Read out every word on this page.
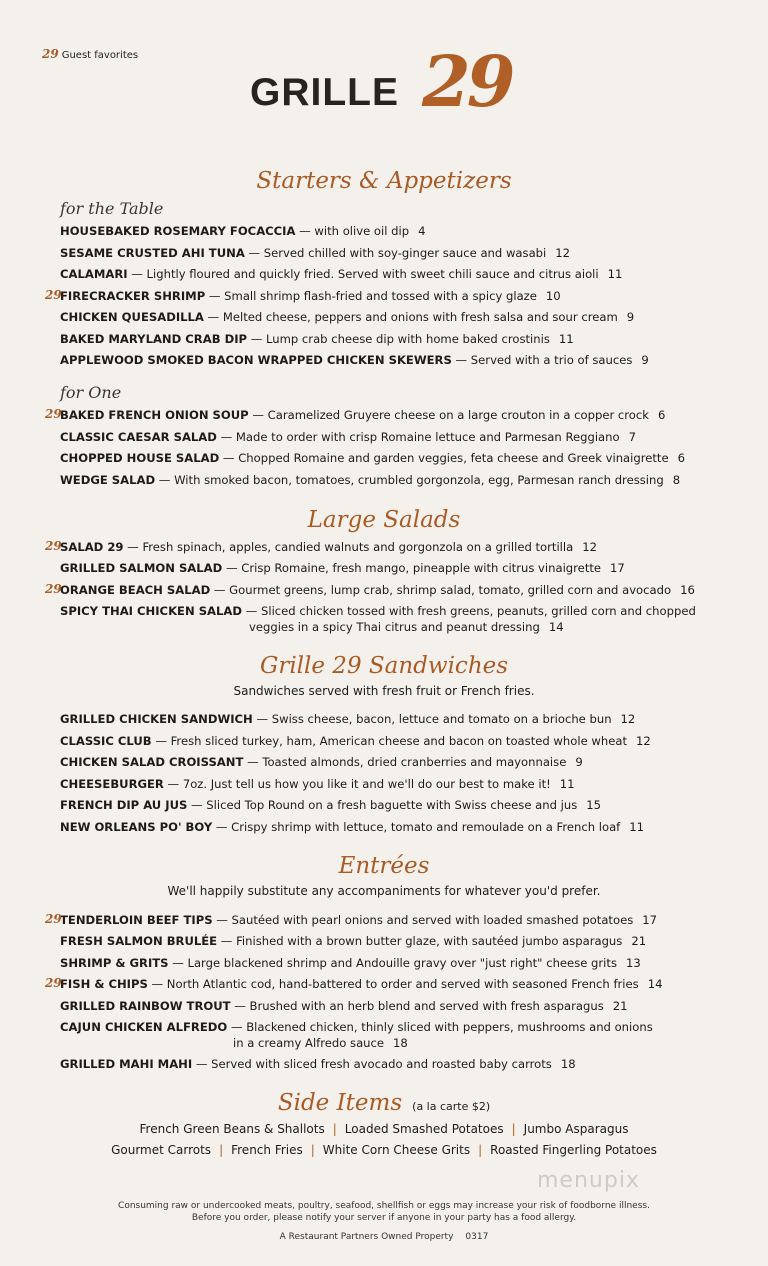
29 Guest favorites
GRILLE 29
Starters & Appetizers
for the Table
HOUSEBAKED ROSEMARY FOCACCIA — with olive oil dip 4
SESAME CRUSTED AHI TUNA — Served chilled with soy-ginger sauce and wasabi 12
CALAMARI — Lightly floured and quickly fried. Served with sweet chili sauce and citrus aioli 11
29
FIRECRACKER SHRIMP — Small shrimp flash-fried and tossed with a spicy glaze 10
CHICKEN QUESADILLA — Melted cheese, peppers and onions with fresh salsa and sour cream 9
BAKED MARYLAND CRAB DIP — Lump crab cheese dip with home baked crostinis 11
APPLEWOOD SMOKED BACON WRAPPED CHICKEN SKEWERS — Served with a trio of sauces 9
for One
29
BAKED FRENCH ONION SOUP — Caramelized Gruyere cheese on a large crouton in a copper crock 6
CLASSIC CAESAR SALAD — Made to order with crisp Romaine lettuce and Parmesan Reggiano 7
CHOPPED HOUSE SALAD — Chopped Romaine and garden veggies, feta cheese and Greek vinaigrette 6
WEDGE SALAD — With smoked bacon, tomatoes, crumbled gorgonzola, egg, Parmesan ranch dressing 8
Large Salads
29
SALAD 29 — Fresh spinach, apples, candied walnuts and gorgonzola on a grilled tortilla 12
GRILLED SALMON SALAD — Crisp Romaine, fresh mango, pineapple with citrus vinaigrette 17
29
ORANGE BEACH SALAD — Gourmet greens, lump crab, shrimp salad, tomato, grilled corn and avocado 16
SPICY THAI CHICKEN SALAD — Sliced chicken tossed with fresh greens, peanuts, grilled corn and chopped
veggies in a spicy Thai citrus and peanut dressing 14
Grille 29 Sandwiches
Sandwiches served with fresh fruit or French fries.
GRILLED CHICKEN SANDWICH — Swiss cheese, bacon, lettuce and tomato on a brioche bun 12
CLASSIC CLUB — Fresh sliced turkey, ham, American cheese and bacon on toasted whole wheat 12
CHICKEN SALAD CROISSANT — Toasted almonds, dried cranberries and mayonnaise 9
CHEESEBURGER — 7oz. Just tell us how you like it and we'll do our best to make it! 11
FRENCH DIP AU JUS — Sliced Top Round on a fresh baguette with Swiss cheese and jus 15
NEW ORLEANS PO' BOY — Crispy shrimp with lettuce, tomato and remoulade on a French loaf 11
Entrées
We'll happily substitute any accompaniments for whatever you'd prefer.
29
TENDERLOIN BEEF TIPS — Sautéed with pearl onions and served with loaded smashed potatoes 17
FRESH SALMON BRULÉE — Finished with a brown butter glaze, with sautéed jumbo asparagus 21
SHRIMP & GRITS — Large blackened shrimp and Andouille gravy over "just right" cheese grits 13
29
FISH & CHIPS — North Atlantic cod, hand-battered to order and served with seasoned French fries 14
GRILLED RAINBOW TROUT — Brushed with an herb blend and served with fresh asparagus 21
CAJUN CHICKEN ALFREDO — Blackened chicken, thinly sliced with peppers, mushrooms and onions
in a creamy Alfredo sauce 18
GRILLED MAHI MAHI — Served with sliced fresh avocado and roasted baby carrots 18
Side Items (a la carte $2)
French Green Beans & Shallots | Loaded Smashed Potatoes | Jumbo Asparagus
Gourmet Carrots | French Fries | White Corn Cheese Grits | Roasted Fingerling Potatoes
menupix
Consuming raw or undercooked meats, poultry, seafood, shellfish or eggs may increase your risk of foodborne illness.
Before you order, please notify your server if anyone in your party has a food allergy.
A Restaurant Partners Owned Property 0317
